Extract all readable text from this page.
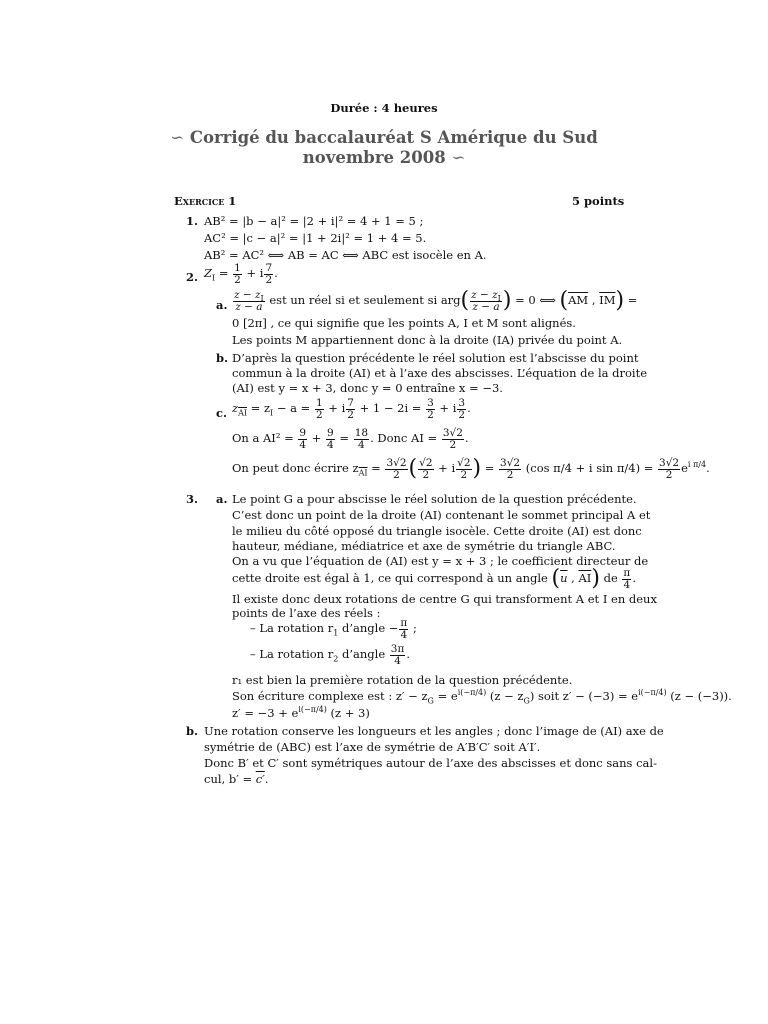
Durée : 4 heures
∽ Corrigé du baccalauréat S Amérique du Sud
novembre 2008 ∽
Exercice 1	5 points
1. AB² = |b − a|² = |2 + i|² = 4 + 1 = 5 ;
AC² = |c − a|² = |1 + 2i|² = 1 + 4 = 5.
AB² = AC² ⟺ AB = AC ⟺ ABC est isocèle en A.
2. $Z_I = \frac{1}{2} + i \frac{7}{2}$ .
a. $\frac{z - z_I}{z - a}$ est un réel si et seulement si $arg( \frac{z - z_I}{z - a}$ ) = 0 ⟺ ($\overline{AM}$ , $\overline{IM}$) =
0 [2π] , ce qui signifie que les points A, I et M sont alignés.
Les points M appartiennent donc à la droite (IA) privée du point A.
b. D’après la question précédente le réel solution est l’abscisse du point
commun à la droite (AI) et à l’axe des abscisses. L’équation de la droite
(AI) est y = x + 3, donc y = 0 entraîne x = −3.
c. $z_{\overline{AI}} = z_I - a = \frac{1}{2} + i \frac{7}{2} + 1 - 2i = \frac{3}{2} + i \frac{3}{2}$ .
On a $AI^2 = \frac{9}{4} + \frac{9}{4} = \frac{18}{4}$ . Donc AI = $\frac{3√2}{2}$ .
On peut donc écrire $z_{\overline{AI}} = \frac{3√2}{2}$ ( $\frac{√2}{2} + i \frac{√2}{2}$ ) = $\frac{3√2}{2} (\cos$ π/4 + i $\sin \pi/4) = \frac{3√2}{2} e^{i \pi/4}$.
3. a. Le point G a pour abscisse le réel solution de la question précédente.
C’est donc un point de la droite (AI) contenant le sommet principal A et
le milieu du côté opposé du triangle isocèle. Cette droite (AI) est donc
hauteur, médiane, médiatrice et axe de symétrie du triangle ABC.
On a vu que l’équation de (AI) est y = x + 3 ; le coefficient directeur de
cette droite est égal à 1, ce qui correspond à un angle ($\overline{u}$ , $\overline{AI}$) de $\frac{\pi}{4}$ .
Il existe donc deux rotations de centre G qui transforment A et I en deux
points de l’axe des réels :
– La rotation $r_1$ d’angle − $\frac{\pi}{4}$ ;
– La rotation $r_2$ d’angle $\frac{3\pi}{4}$ .
r₁ est bien la première rotation de la question précédente.
Son écriture complexe est : $z' - z_G = e^{i(-\pi/4)}$ $(z - z_G)$ soit $z' - (-3) = e^{i(-\pi/4)}$ (z − (−3)).
$z' = -3 + e^{i(-\pi/4)}$ (z + 3)
b. Une rotation conserve les longueurs et les angles ; donc l’image de (AI) axe de
symétrie de (ABC) est l’axe de symétrie de A′B′C′ soit A′I′.
Donc B′ et C′ sont symétriques autour de l’axe des abscisses et donc sans cal-
cul, b′ = c′.
